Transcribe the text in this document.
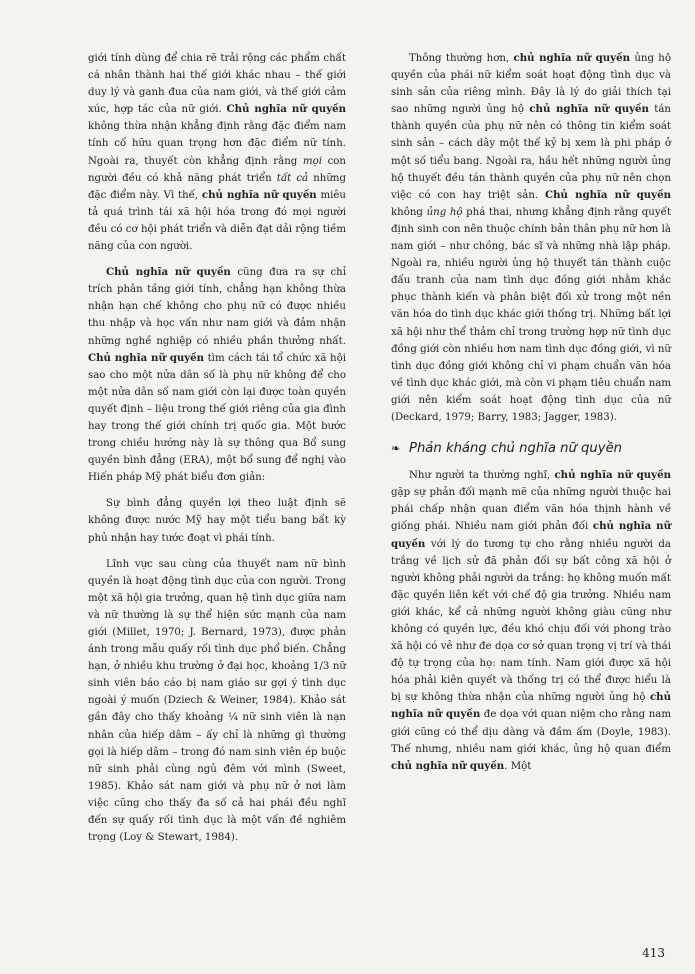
giới tính dùng để chia rẽ trải rộng các phẩm chất cá nhân thành hai thế giới khác nhau – thế giới duy lý và ganh đua của nam giới, và thế giới cảm xúc, hợp tác của nữ giới. Chủ nghĩa nữ quyền không thừa nhận khẳng định rằng đặc điểm nam tính cố hữu quan trọng hơn đặc điểm nữ tính. Ngoài ra, thuyết còn khẳng định rằng mọi con người đều có khả năng phát triển tất cả những đặc điểm này. Vì thế, chủ nghĩa nữ quyền miêu tả quá trình tái xã hội hóa trong đó mọi người đều có cơ hội phát triển và diễn đạt dải rộng tiềm năng của con người.

Chủ nghĩa nữ quyền cũng đưa ra sự chỉ trích phân tầng giới tính, chẳng hạn không thừa nhận hạn chế không cho phụ nữ có được nhiều thu nhập và học vấn như nam giới và đảm nhận những nghề nghiệp có nhiều phần thưởng nhất. Chủ nghĩa nữ quyền tìm cách tái tổ chức xã hội sao cho một nửa dân số là phụ nữ không để cho một nửa dân số nam giới còn lại được toàn quyền quyết định – liệu trong thế giới riêng của gia đình hay trong thế giới chính trị quốc gia. Một bước trong chiều hướng này là sự thông qua Bổ sung quyền bình đẳng (ERA), một bổ sung để nghị vào Hiến pháp Mỹ phát biểu đơn giản:

Sự bình đẳng quyền lợi theo luật định sẽ không được nước Mỹ hay một tiểu bang bất kỳ phủ nhận hay tước đoạt vì phái tính.

Lĩnh vực sau cùng của thuyết nam nữ bình quyền là hoạt động tình dục của con người. Trong một xã hội gia trưởng, quan hệ tình dục giữa nam và nữ thường là sự thể hiện sức mạnh của nam giới (Millet, 1970; J. Bernard, 1973), được phản ánh trong mẫu quấy rối tình dục phổ biến. Chẳng hạn, ở nhiều khu trường ở đại học, khoảng 1/3 nữ sinh viên báo cáo bị nam giáo sư gợi ý tình dục ngoài ý muốn (Dziech & Weiner, 1984). Khảo sát gần đây cho thấy khoảng ¼ nữ sinh viên là nạn nhân của hiếp dâm – ấy chỉ là những gì thường gọi là hiếp dâm – trong đó nam sinh viên ép buộc nữ sinh phải cùng ngủ đêm với mình (Sweet, 1985). Khảo sát nam giới và phụ nữ ở nơi làm việc cũng cho thấy đa số cả hai phái đều nghĩ đến sự quấy rối tình dục là một vấn đề nghiêm trọng (Loy & Stewart, 1984).

Thông thường hơn, chủ nghĩa nữ quyền ủng hộ quyền của phái nữ kiểm soát hoạt động tình dục và sinh sản của riêng mình. Đây là lý do giải thích tại sao những người ủng hộ chủ nghĩa nữ quyền tán thành quyền của phụ nữ nên có thông tin kiểm soát sinh sản – cách dây một thế kỷ bị xem là phi pháp ở một số tiểu bang. Ngoài ra, hầu hết những người ủng hộ thuyết đều tán thành quyền của phụ nữ nên chọn việc có con hay triệt sản. Chủ nghĩa nữ quyền không ủng hộ phá thai, nhưng khẳng định rằng quyết định sinh con nên thuộc chính bản thân phụ nữ hơn là nam giới – như chồng, bác sĩ và những nhà lập pháp. Ngoài ra, nhiều người ủng hộ thuyết tán thành cuộc đấu tranh của nam tình dục đồng giới nhằm khắc phục thành kiến và phân biệt đối xử trong một nền văn hóa do tình dục khác giới thống trị. Những bất lợi xã hội như thể thảm chỉ trong trường hợp nữ tình dục đồng giới còn nhiều hơn nam tình dục đồng giới, vì nữ tình dục đồng giới không chỉ vi phạm chuẩn văn hóa về tình dục khác giới, mà còn vi phạm tiêu chuẩn nam giới nên kiểm soát hoạt động tình dục của nữ (Deckard, 1979; Barry, 1983; Jagger, 1983).

❧ Phản kháng chủ nghĩa nữ quyền

Như người ta thường nghĩ, chủ nghĩa nữ quyền gặp sự phản đối mạnh mẽ của những người thuộc hai phái chấp nhận quan điểm văn hóa thịnh hành về giống phái. Nhiều nam giới phản đối chủ nghĩa nữ quyền với lý do tương tự cho rằng nhiều người da trắng về lịch sử đã phản đối sự bất công xã hội ở người không phải người da trắng: họ không muốn mất đặc quyền liên kết với chế độ gia trưởng. Nhiều nam giới khác, kể cả những người không giàu cũng như không có quyền lực, đều khó chịu đối với phong trào xã hội có vẻ như đe dọa cơ sở quan trọng vị trí và thái độ tự trọng của họ: nam tính. Nam giới được xã hội hóa phải kiên quyết và thống trị có thể được hiểu là bị sự không thừa nhận của những người ủng hộ chủ nghĩa nữ quyền đe dọa với quan niệm cho rằng nam giới cũng có thể dịu dàng và đầm ấm (Doyle, 1983). Thế nhưng, nhiều nam giới khác, ủng hộ quan điểm chủ nghĩa nữ quyền. Một

413
